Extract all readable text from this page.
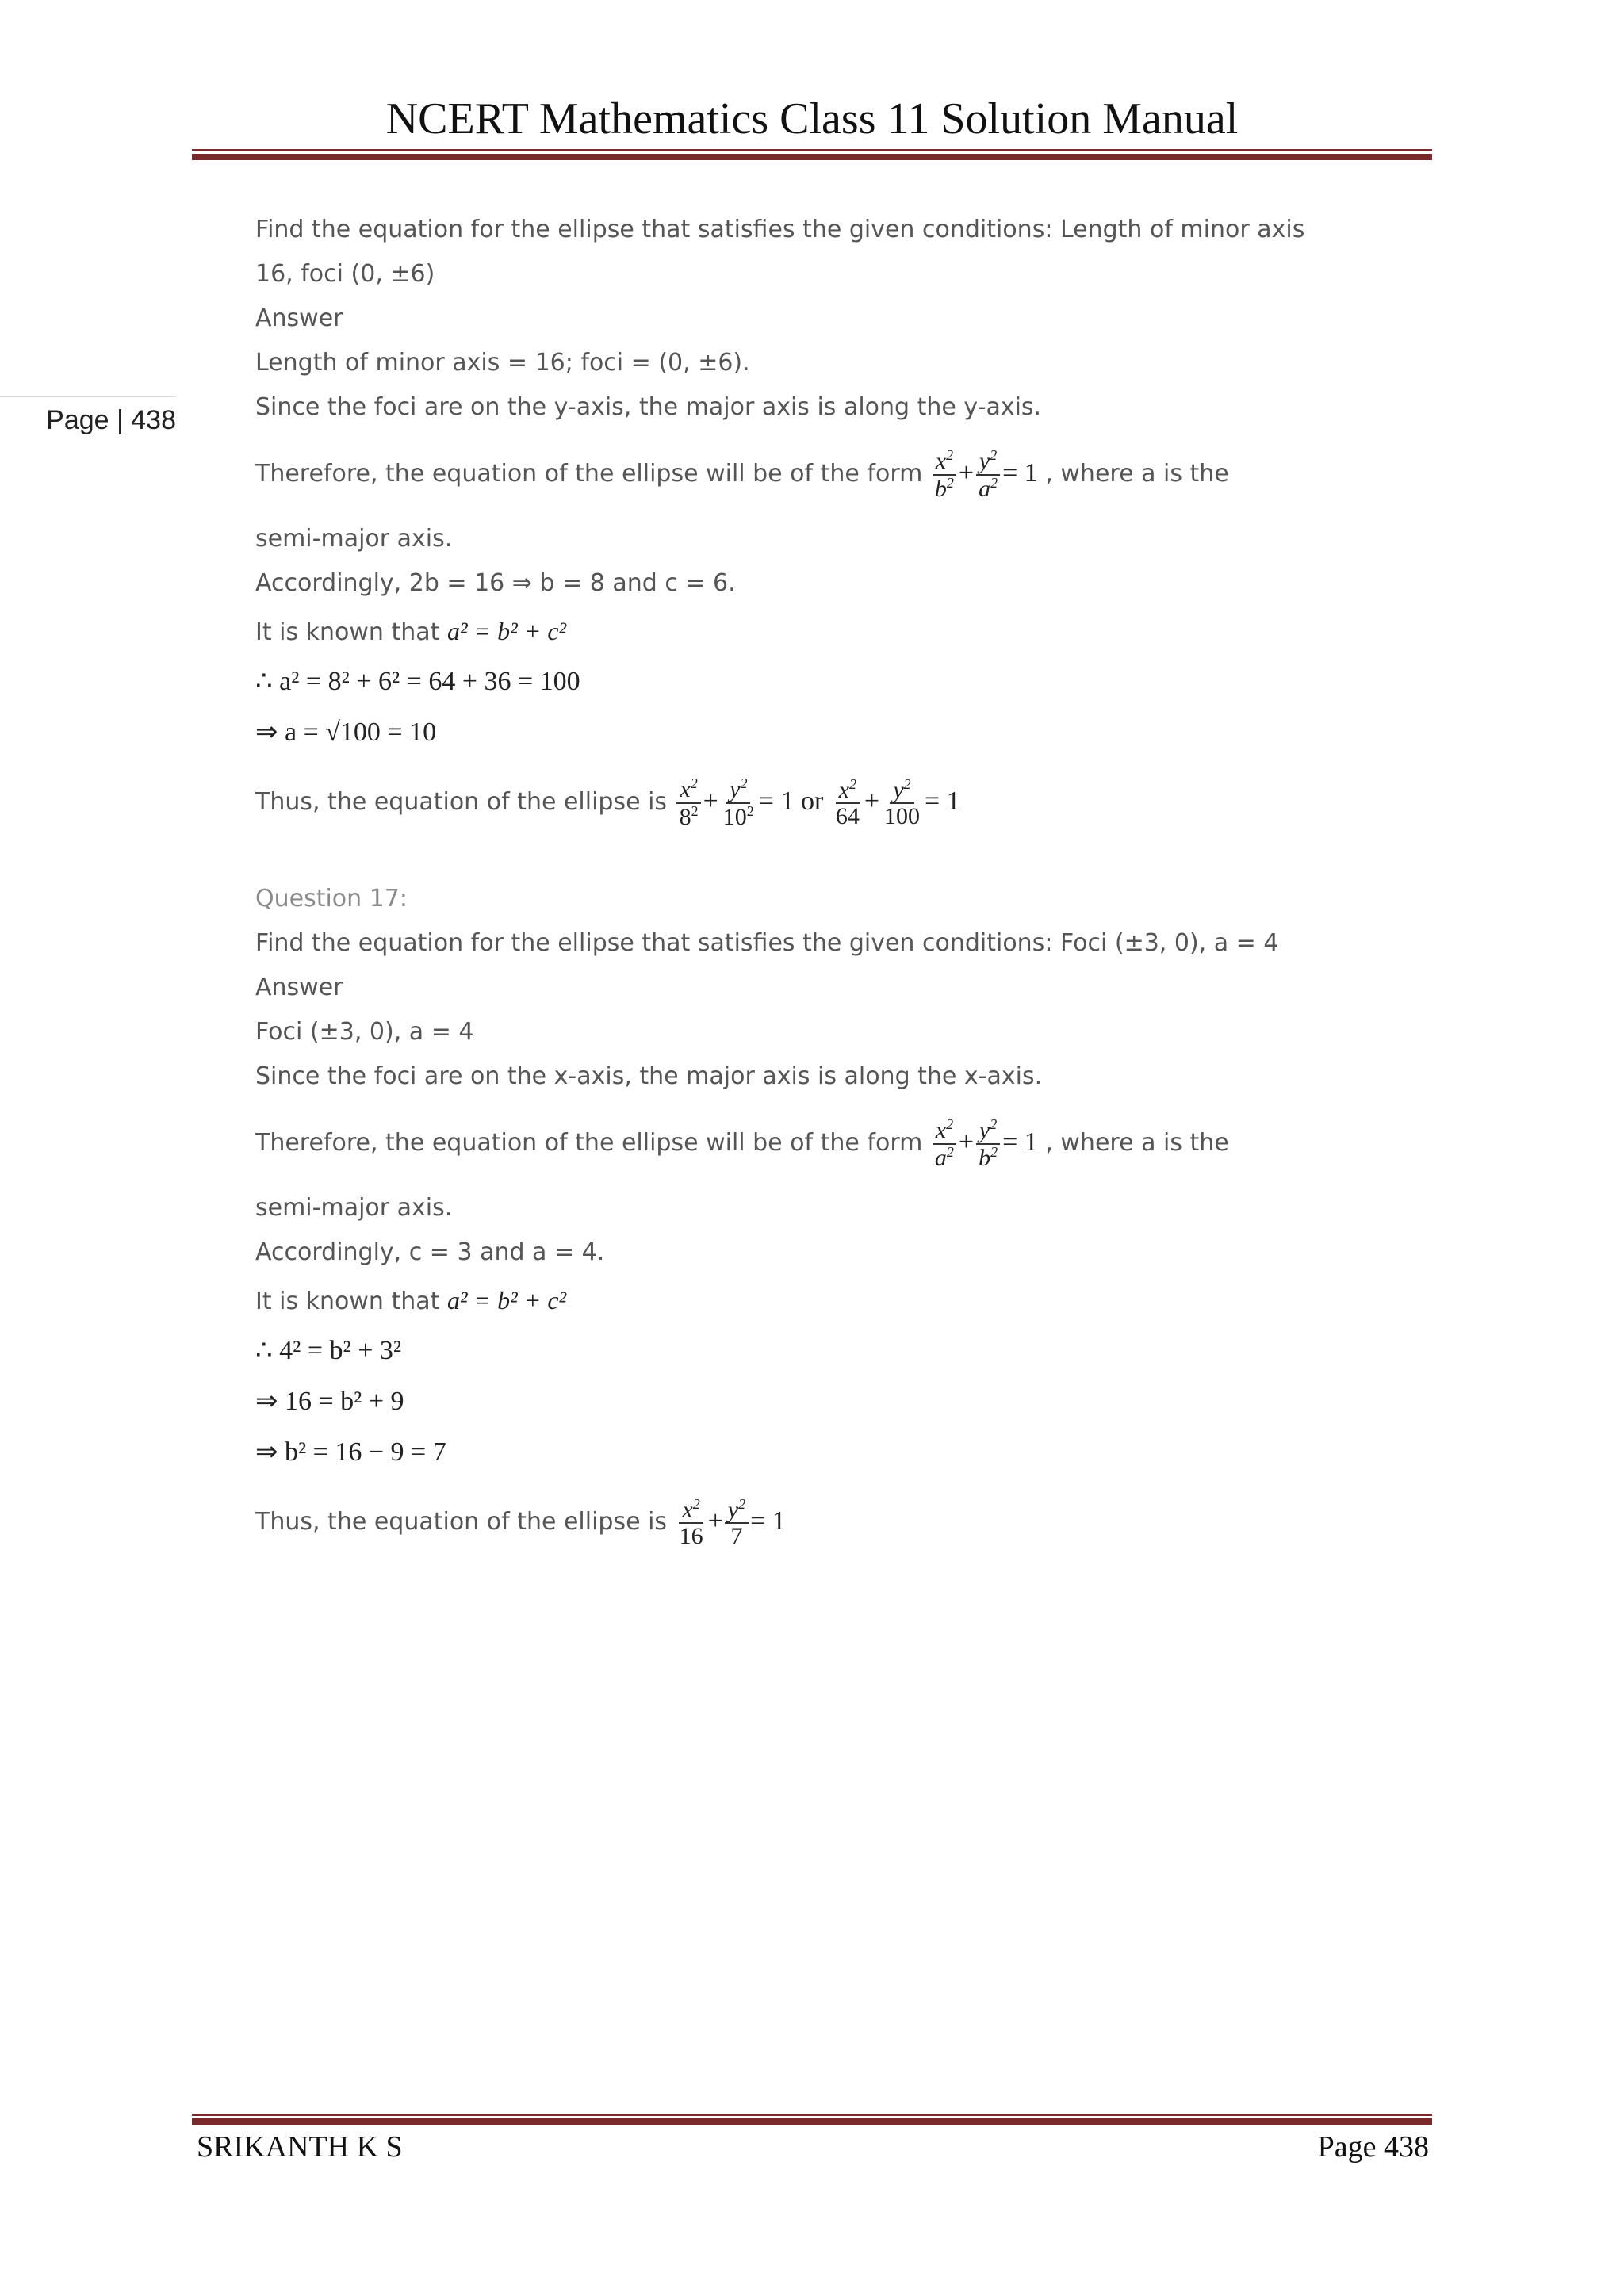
NCERT Mathematics Class 11 Solution Manual
Page | 438
Find the equation for the ellipse that satisfies the given conditions: Length of minor axis
16, foci (0, ±6)
Answer
Length of minor axis = 16; foci = (0, ±6).
Since the foci are on the y-axis, the major axis is along the y-axis.
Therefore, the equation of the ellipse will be of the form $\frac{x^2}{b^2} + \frac{y^2}{a^2} = 1$ , where a is the
semi-major axis.
Accordingly, 2b = 16 ⇒ b = 8 and c = 6.
It is known that a² = b² + c²
∴ a² = 8² + 6² = 64 + 36 = 100
⇒ a = √100 = 10
Thus, the equation of the ellipse is $\frac{x^2}{8^2} + \frac{y^2}{10^2} = 1$ or $\frac{x^2}{64} + \frac{y^2}{100} = 1$
Question 17:
Find the equation for the ellipse that satisfies the given conditions: Foci (±3, 0), a = 4
Answer
Foci (±3, 0), a = 4
Since the foci are on the x-axis, the major axis is along the x-axis.
Therefore, the equation of the ellipse will be of the form $\frac{x^2}{a^2} + \frac{y^2}{b^2} = 1$ , where a is the
semi-major axis.
Accordingly, c = 3 and a = 4.
It is known that a² = b² + c²
∴ 4² = b² + 3²
⇒ 16 = b² + 9
⇒ b² = 16 − 9 = 7
Thus, the equation of the ellipse is $\frac{x^2}{16} + \frac{y^2}{7} = 1$
SRIKANTH K S	Page 438
